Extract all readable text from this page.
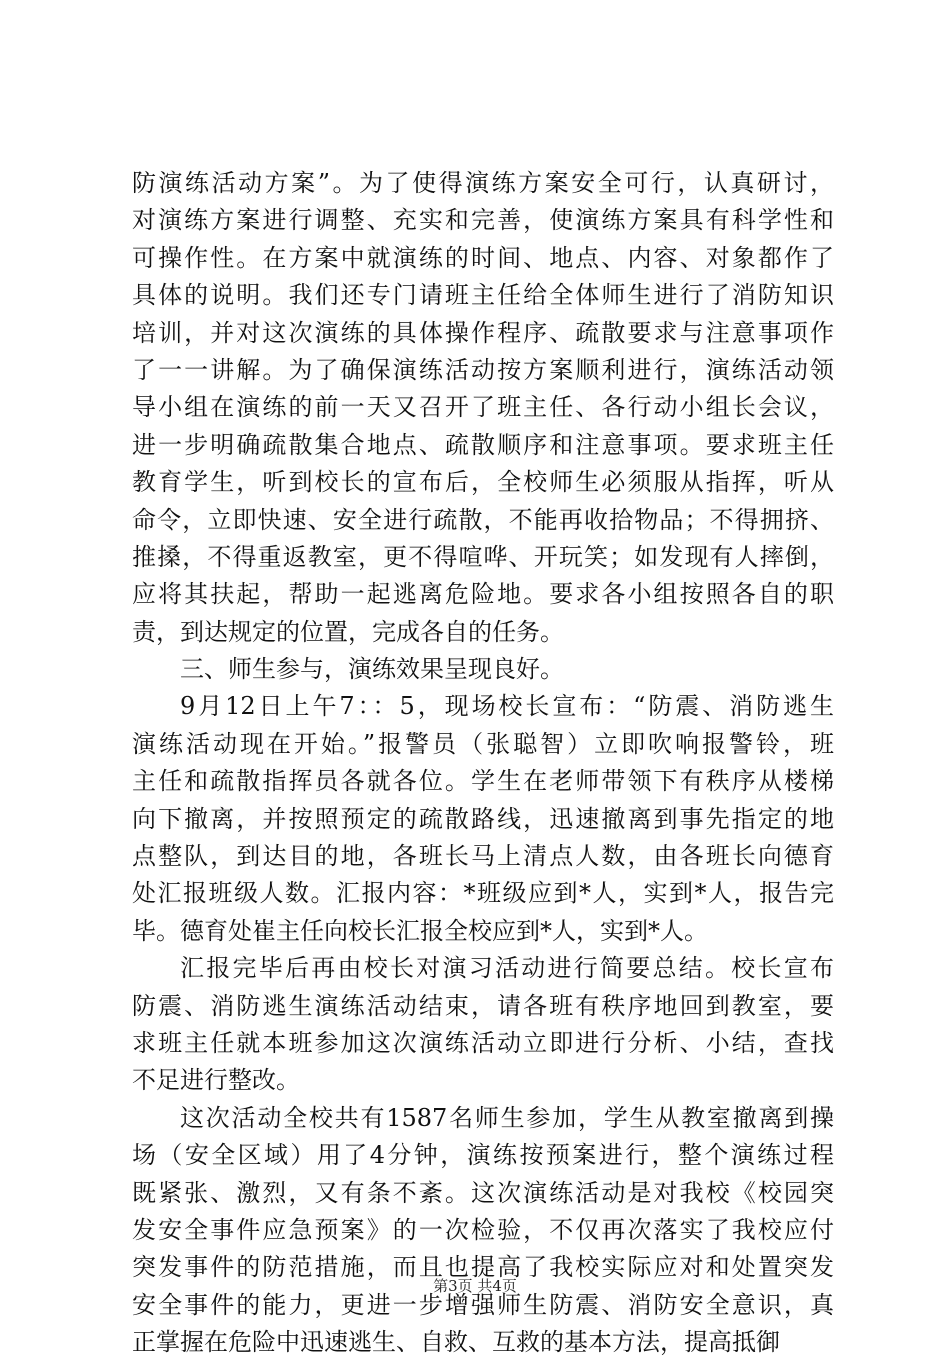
防演练活动方案”。为了使得演练方案安全可行，认真研讨，
对演练方案进行调整、充实和完善，使演练方案具有科学性和
可操作性。在方案中就演练的时间、地点、内容、对象都作了
具体的说明。我们还专门请班主任给全体师生进行了消防知识
培训，并对这次演练的具体操作程序、疏散要求与注意事项作
了一一讲解。为了确保演练活动按方案顺利进行，演练活动领
导小组在演练的前一天又召开了班主任、各行动小组长会议，
进一步明确疏散集合地点、疏散顺序和注意事项。要求班主任
教育学生，听到校长的宣布后，全校师生必须服从指挥，听从
命令，立即快速、安全进行疏散，不能再收拾物品；不得拥挤、
推搡，不得重返教室，更不得喧哗、开玩笑；如发现有人摔倒，
应将其扶起，帮助一起逃离危险地。要求各小组按照各自的职
责，到达规定的位置，完成各自的任务。
三、师生参与，演练效果呈现良好。
9月12日上午7：：5，现场校长宣布：“防震、消防逃生
演练活动现在开始。”报警员（张聪智）立即吹响报警铃，班
主任和疏散指挥员各就各位。学生在老师带领下有秩序从楼梯
向下撤离，并按照预定的疏散路线，迅速撤离到事先指定的地
点整队，到达目的地，各班长马上清点人数，由各班长向德育
处汇报班级人数。汇报内容：*班级应到*人，实到*人，报告完
毕。德育处崔主任向校长汇报全校应到*人，实到*人。
汇报完毕后再由校长对演习活动进行简要总结。校长宣布
防震、消防逃生演练活动结束，请各班有秩序地回到教室，要
求班主任就本班参加这次演练活动立即进行分析、小结，查找
不足进行整改。
这次活动全校共有1587名师生参加，学生从教室撤离到操
场（安全区域）用了4分钟，演练按预案进行，整个演练过程
既紧张、激烈，又有条不紊。这次演练活动是对我校《校园突
发安全事件应急预案》的一次检验，不仅再次落实了我校应付
突发事件的防范措施，而且也提高了我校实际应对和处置突发
安全事件的能力，更进一步增强师生防震、消防安全意识，真
正掌握在危险中迅速逃生、自救、互救的基本方法，提高抵御
第3页 共4页
